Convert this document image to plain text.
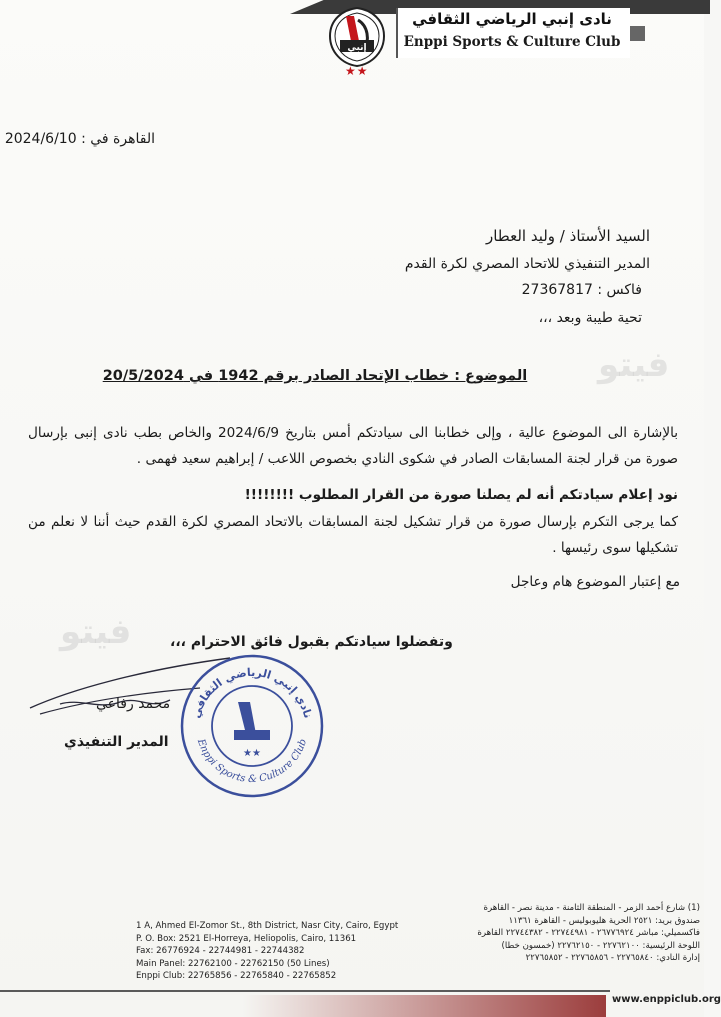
إنبي
★★
نادى إنبي الرياضي الثقافي
Enppi Sports & Culture Club
القاهرة في : 2024/6/10
السيد الأستاذ / وليد العطار
المدير التنفيذي للاتحاد المصري لكرة القدم
فاكس : 27367817
تحية طيبة وبعد ،،،
الموضوع : خطاب الإتحاد الصادر برقم 1942 في 20/5/2024 فيتو
فيتو
بالإشارة الى الموضوع عالية ، وإلى خطابنا الى سيادتكم أمس بتاريخ 2024/6/9 والخاص بطب نادى إنبى بإرسال صورة من قرار لجنة المسابقات الصادر في شكوى النادي بخصوص اللاعب / إبراهيم سعيد فهمى .
نود إعلام سيادتكم أنه لم يصلنا صورة من القرار المطلوب !!!!!!!!
كما يرجى التكرم بإرسال صورة من قرار تشكيل لجنة المسابقات بالاتحاد المصري لكرة القدم حيث أننا لا نعلم من تشكيلها سوى رئيسها .
مع إعتبار الموضوع هام وعاجل
وتفضلوا سيادتكم بقبول فائق الاحترام ،،،
محمد رفاعي
المدير التنفيذي
نادي إنبي الرياضي الثقافي
Enppi Sports & Culture Club
★★
1 A, Ahmed El-Zomor St., 8th District, Nasr City, Cairo, Egypt
P. O. Box: 2521 El-Horreya, Heliopolis, Cairo, 11361
Fax: 26776924 - 22744981 - 22744382
Main Panel: 22762100 - 22762150 (50 Lines)
Enppi Club: 22765856 - 22765840 - 22765852
(1) شارع أحمد الزمر - المنطقة الثامنة - مدينة نصر - القاهرة
صندوق بريد: ٢٥٢١ الحرية هليوبوليس - القاهرة ١١٣٦١
فاكسميلي: مباشر ٢٦٧٧٦٩٢٤ - ٢٢٧٤٤٩٨١ - ٢٢٧٤٤٣٨٢ القاهرة
اللوحة الرئيسية: ٢٢٧٦٢١٠٠ - ٢٢٧٦٢١٥٠ (خمسون خطا)
إدارة النادي: ٢٢٧٦٥٨٤٠ - ٢٢٧٦٥٨٥٦ - ٢٢٧٦٥٨٥٢
www.enppiclub.org
